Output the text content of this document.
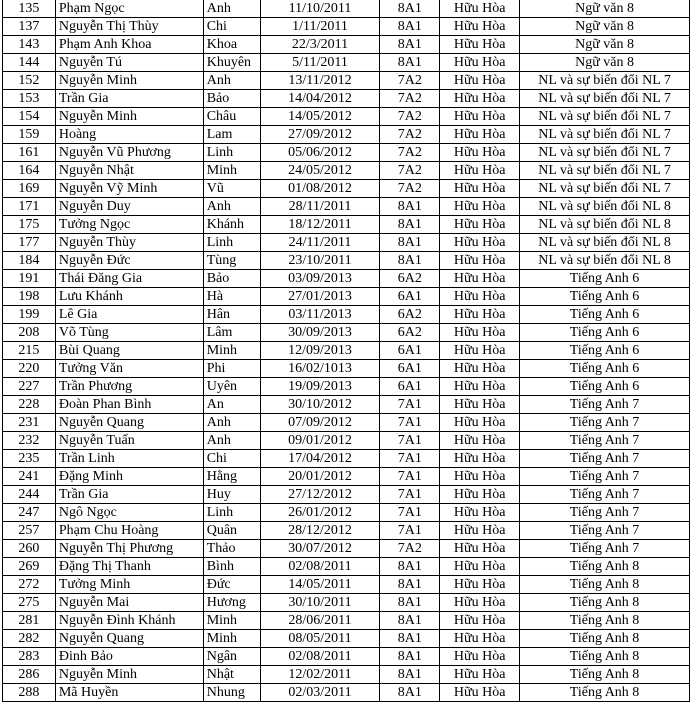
135	Phạm Ngọc	Anh	11/10/2011	8A1	Hữu Hòa	Ngữ văn 8
137	Nguyễn Thị Thùy	Chi	1/11/2011	8A1	Hữu Hòa	Ngữ văn 8
143	Phạm Anh Khoa	Khoa	22/3/2011	8A1	Hữu Hòa	Ngữ văn 8
144	Nguyễn Tú	Khuyên	5/11/2011	8A1	Hữu Hòa	Ngữ văn 8
152	Nguyễn Minh	Anh	13/11/2012	7A2	Hữu Hòa	NL và sự biến đổi NL 7
153	Trần Gia	Bảo	14/04/2012	7A2	Hữu Hòa	NL và sự biến đổi NL 7
154	Nguyễn Minh	Châu	14/05/2012	7A2	Hữu Hòa	NL và sự biến đổi NL 7
159	Hoàng	Lam	27/09/2012	7A2	Hữu Hòa	NL và sự biến đổi NL 7
161	Nguyễn Vũ Phương	Linh	05/06/2012	7A2	Hữu Hòa	NL và sự biến đổi NL 7
164	Nguyễn Nhật	Minh	24/05/2012	7A2	Hữu Hòa	NL và sự biến đổi NL 7
169	Nguyễn Vỹ Minh	Vũ	01/08/2012	7A2	Hữu Hòa	NL và sự biến đổi NL 7
171	Nguyễn Duy	Anh	28/11/2011	8A1	Hữu Hòa	NL và sự biến đổi NL 8
175	Tưởng Ngọc	Khánh	18/12/2011	8A1	Hữu Hòa	NL và sự biến đổi NL 8
177	Nguyễn Thùy	Linh	24/11/2011	8A1	Hữu Hòa	NL và sự biến đổi NL 8
184	Nguyễn Đức	Tùng	23/10/2011	8A1	Hữu Hòa	NL và sự biến đổi NL 8
191	Thái Đăng Gia	Bảo	03/09/2013	6A2	Hữu Hòa	Tiếng Anh 6
198	Lưu Khánh	Hà	27/01/2013	6A1	Hữu Hòa	Tiếng Anh 6
199	Lê Gia	Hân	03/11/2013	6A2	Hữu Hòa	Tiếng Anh 6
208	Võ Tùng	Lâm	30/09/2013	6A2	Hữu Hòa	Tiếng Anh 6
215	Bùi Quang	Minh	12/09/2013	6A1	Hữu Hòa	Tiếng Anh 6
220	Tưởng Văn	Phi	16/02/1013	6A1	Hữu Hòa	Tiếng Anh 6
227	Trần Phương	Uyên	19/09/2013	6A1	Hữu Hòa	Tiếng Anh 6
228	Đoàn Phan Bình	An	30/10/2012	7A1	Hữu Hòa	Tiếng Anh 7
231	Nguyễn Quang	Anh	07/09/2012	7A1	Hữu Hòa	Tiếng Anh 7
232	Nguyễn Tuấn	Anh	09/01/2012	7A1	Hữu Hòa	Tiếng Anh 7
235	Trần Linh	Chi	17/04/2012	7A1	Hữu Hòa	Tiếng Anh 7
241	Đặng Minh	Hằng	20/01/2012	7A1	Hữu Hòa	Tiếng Anh 7
244	Trần Gia	Huy	27/12/2012	7A1	Hữu Hòa	Tiếng Anh 7
247	Ngô Ngọc	Linh	26/01/2012	7A1	Hữu Hòa	Tiếng Anh 7
257	Phạm Chu Hoàng	Quân	28/12/2012	7A1	Hữu Hòa	Tiếng Anh 7
260	Nguyễn Thị Phương	Thảo	30/07/2012	7A2	Hữu Hòa	Tiếng Anh 7
269	Đặng Thị Thanh	Bình	02/08/2011	8A1	Hữu Hòa	Tiếng Anh 8
272	Tưởng Minh	Đức	14/05/2011	8A1	Hữu Hòa	Tiếng Anh 8
275	Nguyễn Mai	Hương	30/10/2011	8A1	Hữu Hòa	Tiếng Anh 8
281	Nguyễn Đình Khánh	Minh	28/06/2011	8A1	Hữu Hòa	Tiếng Anh 8
282	Nguyễn Quang	Minh	08/05/2011	8A1	Hữu Hòa	Tiếng Anh 8
283	Đinh Bảo	Ngân	02/08/2011	8A1	Hữu Hòa	Tiếng Anh 8
286	Nguyễn Minh	Nhật	12/02/2011	8A1	Hữu Hòa	Tiếng Anh 8
288	Mã Huyền	Nhung	02/03/2011	8A1	Hữu Hòa	Tiếng Anh 8
